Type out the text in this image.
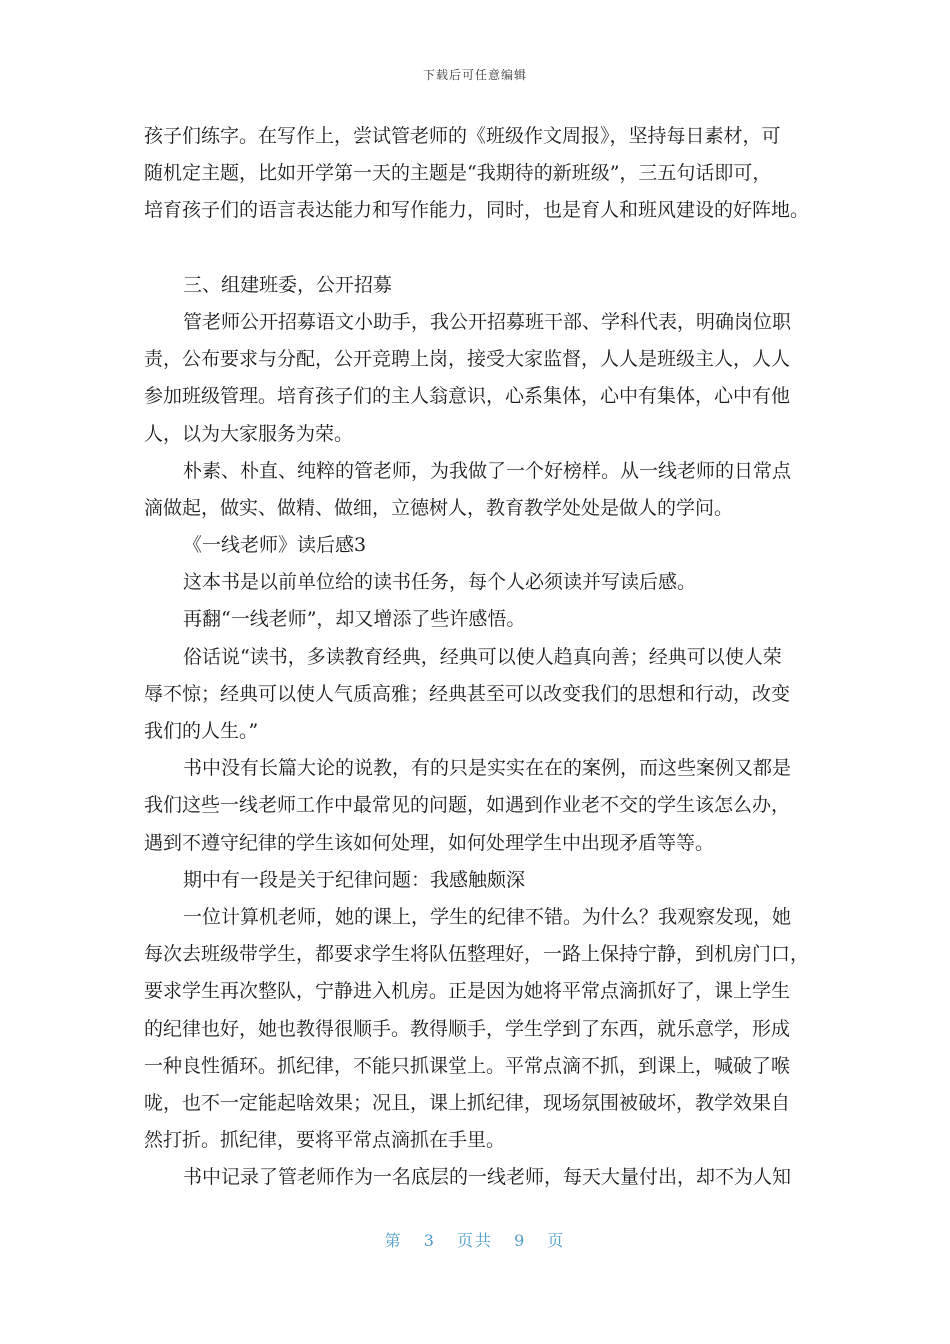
下载后可任意编辑
孩子们练字。在写作上，尝试管老师的《班级作文周报》，坚持每日素材，可
随机定主题，比如开学第一天的主题是“我期待的新班级”，三五句话即可，
培育孩子们的语言表达能力和写作能力，同时，也是育人和班风建设的好阵地。
三、组建班委，公开招募
管老师公开招募语文小助手，我公开招募班干部、学科代表，明确岗位职
责，公布要求与分配，公开竞聘上岗，接受大家监督，人人是班级主人，人人
参加班级管理。培育孩子们的主人翁意识，心系集体，心中有集体，心中有他
人，以为大家服务为荣。
朴素、朴直、纯粹的管老师，为我做了一个好榜样。从一线老师的日常点
滴做起，做实、做精、做细，立德树人，教育教学处处是做人的学问。
《一线老师》读后感3
这本书是以前单位给的读书任务，每个人必须读并写读后感。
再翻“一线老师”，却又增添了些许感悟。
俗话说“读书，多读教育经典，经典可以使人趋真向善；经典可以使人荣
辱不惊；经典可以使人气质高雅；经典甚至可以改变我们的思想和行动，改变
我们的人生。”
书中没有长篇大论的说教，有的只是实实在在的案例，而这些案例又都是
我们这些一线老师工作中最常见的问题，如遇到作业老不交的学生该怎么办，
遇到不遵守纪律的学生该如何处理，如何处理学生中出现矛盾等等。
期中有一段是关于纪律问题：我感触颇深
一位计算机老师，她的课上，学生的纪律不错。为什么？我观察发现，她
每次去班级带学生，都要求学生将队伍整理好，一路上保持宁静，到机房门口，
要求学生再次整队，宁静进入机房。正是因为她将平常点滴抓好了，课上学生
的纪律也好，她也教得很顺手。教得顺手，学生学到了东西，就乐意学，形成
一种良性循环。抓纪律，不能只抓课堂上。平常点滴不抓，到课上，喊破了喉
咙，也不一定能起啥效果；况且，课上抓纪律，现场氛围被破坏，教学效果自
然打折。抓纪律，要将平常点滴抓在手里。
书中记录了管老师作为一名底层的一线老师，每天大量付出，却不为人知
第 3 页共 9 页
